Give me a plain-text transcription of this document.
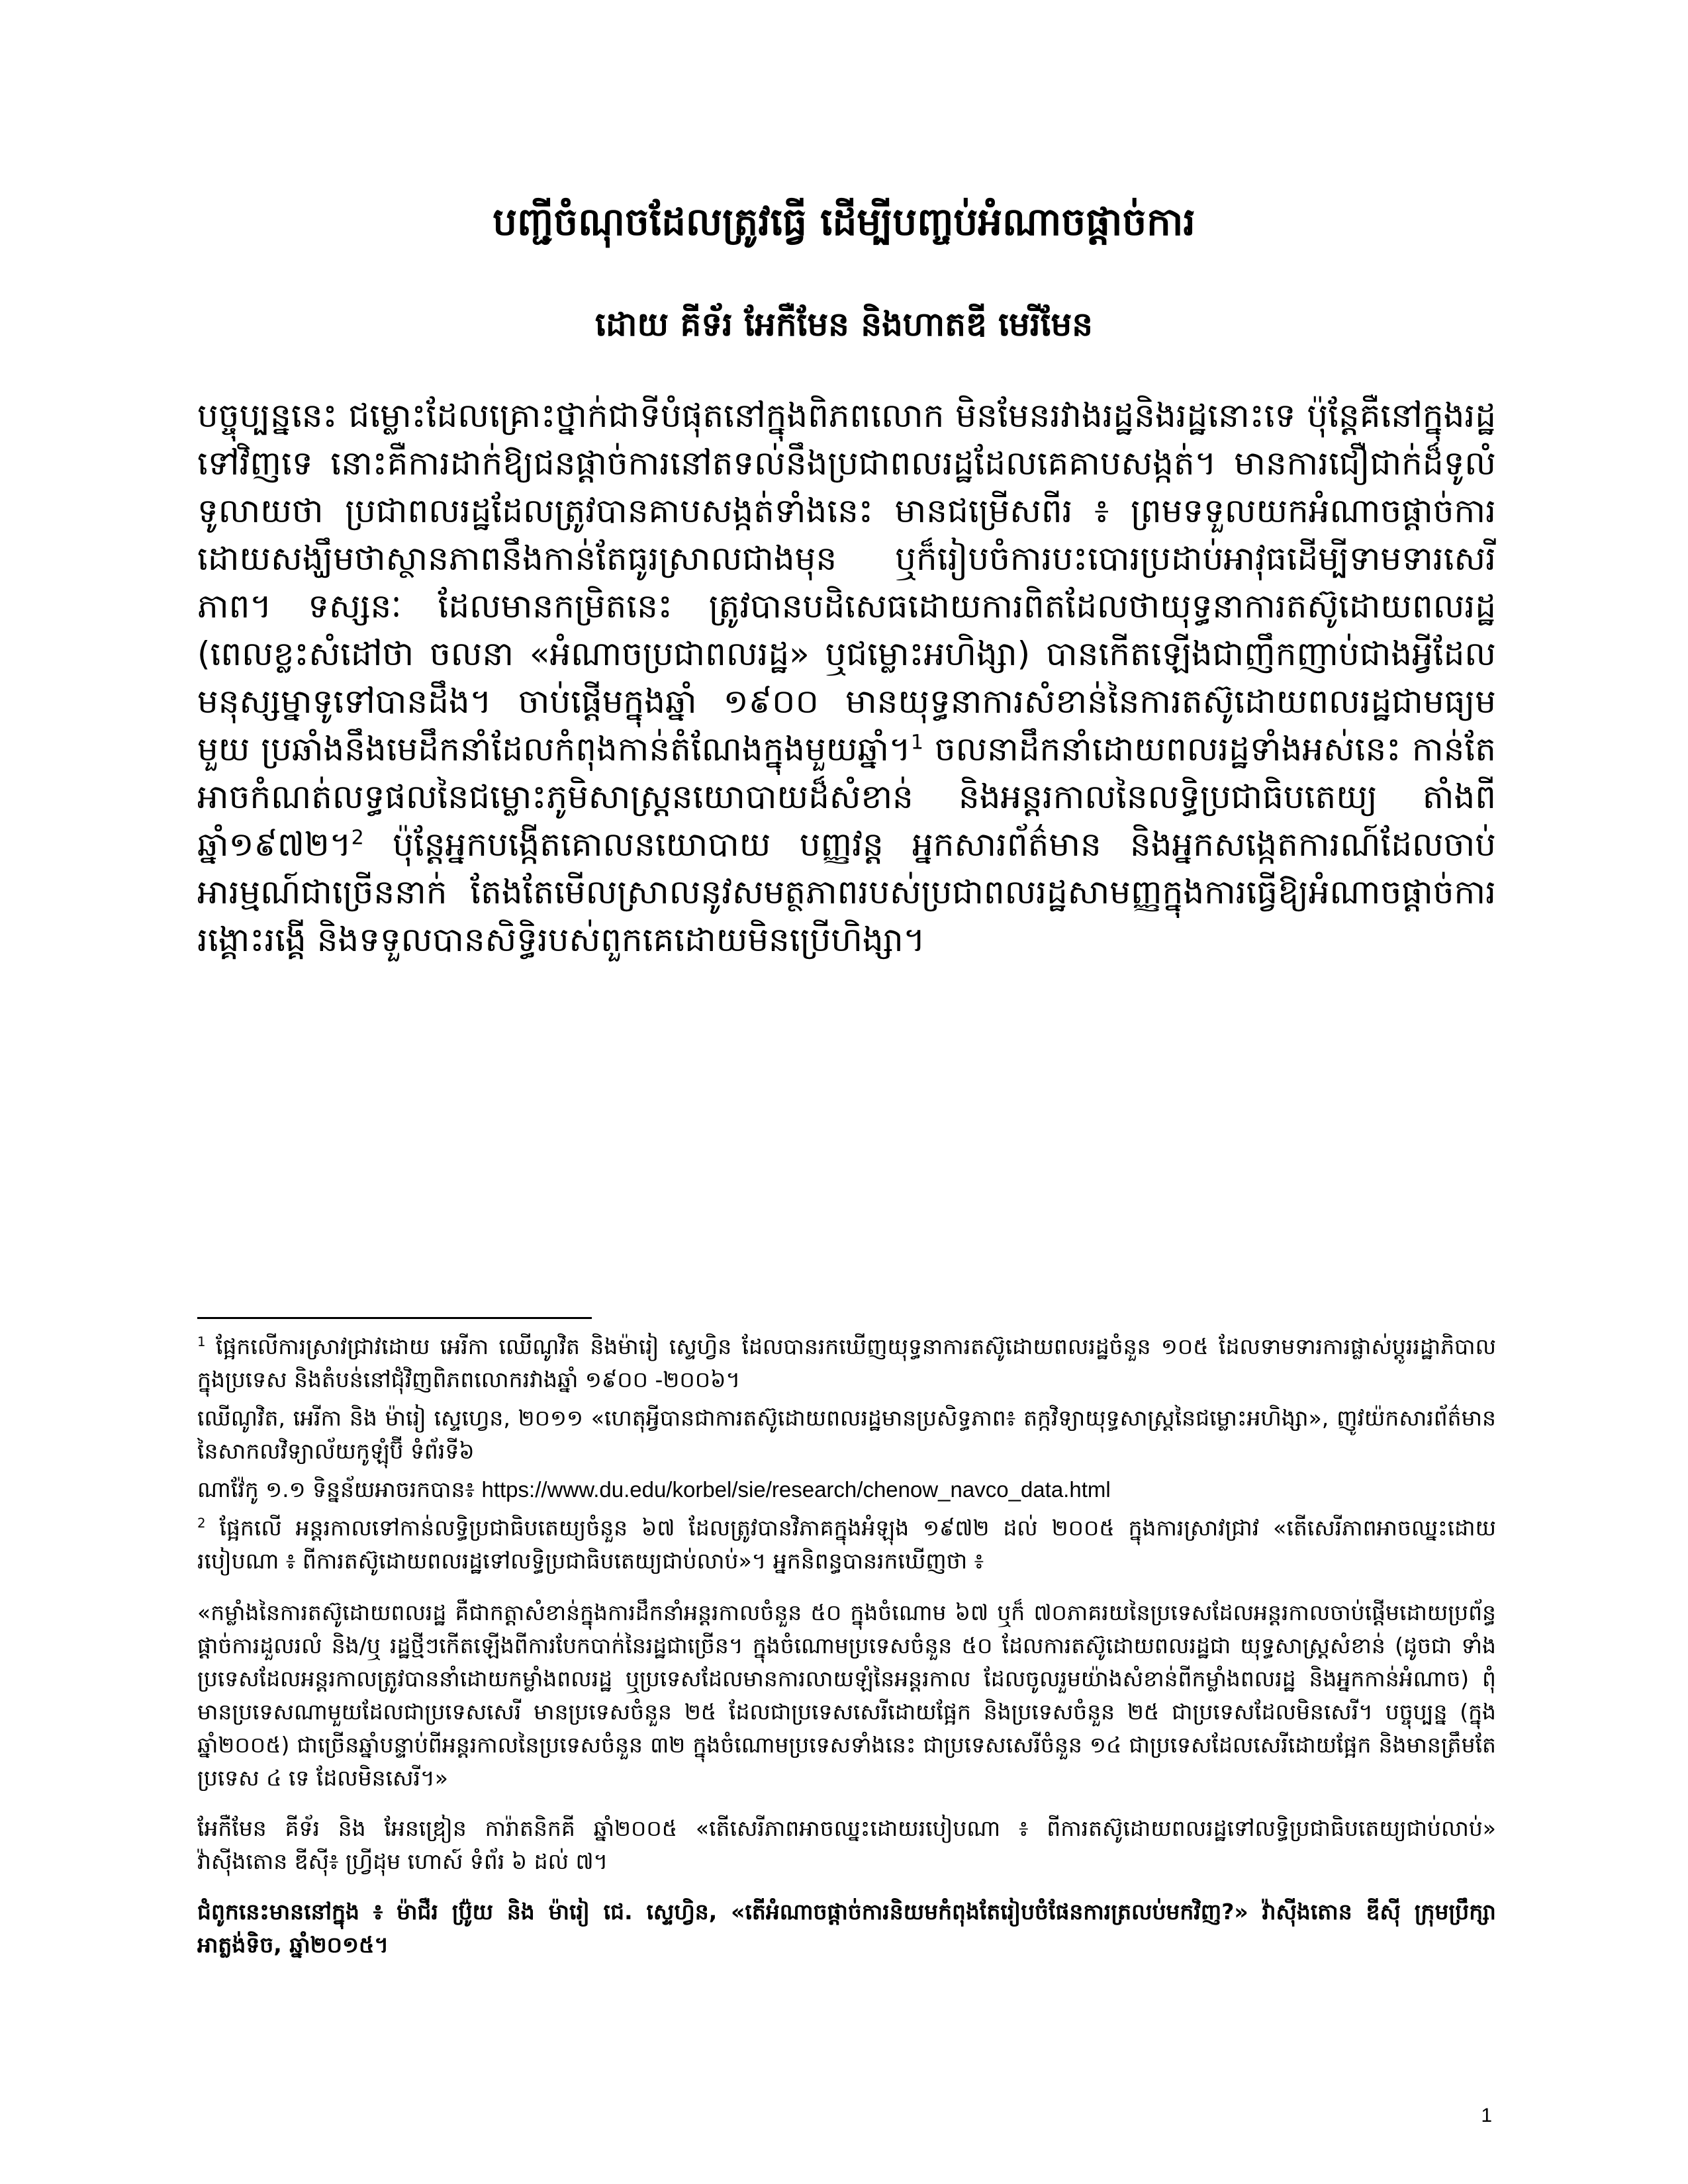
បញ្ជីចំណុចដែលត្រូវធ្វើ ដើម្បីបញ្ចប់អំណាចផ្តាច់ការ
ដោយ គីទ័រ អែកឺមែន និងហាតឌី មេរីមែន
បច្ចុប្បន្ននេះ ជម្លោះដែលគ្រោះថ្នាក់ជាទីបំផុតនៅក្នុងពិភពលោក មិនមែនរវាងរដ្ឋនិងរដ្ឋនោះទេ ប៉ុន្តែគឺនៅក្នុងរដ្ឋទៅវិញទេ នោះគឺការដាក់ឱ្យជនផ្តាច់ការនៅតទល់នឹងប្រជាពលរដ្ឋដែលគេគាបសង្កត់។ មានការជឿជាក់ដ៏ទូលំទូលាយថា ប្រជាពលរដ្ឋដែលត្រូវបានគាបសង្កត់ទាំងនេះ មានជម្រើសពីរ ៖ ព្រមទទួលយកអំណាចផ្តាច់ការដោយសង្ឃឹមថាស្ថានភាពនឹងកាន់តែធូរស្រាលជាងមុន ឬក៏រៀបចំការបះបោរប្រដាប់អាវុធដើម្បីទាមទារសេរីភាព។ ទស្សនៈ ដែលមានកម្រិតនេះ ត្រូវបានបដិសេធដោយការពិតដែលថាយុទ្ធនាការតស៊ូដោយពលរដ្ឋ (ពេលខ្លះសំដៅថា ចលនា «អំណាចប្រជាពលរដ្ឋ» ឬជម្លោះអហិង្សា) បានកើតឡើងជាញឹកញាប់ជាងអ្វីដែលមនុស្សម្នាទូទៅបានដឹង។ ចាប់ផ្តើមក្នុងឆ្នាំ ១៩០០ មានយុទ្ធនាការសំខាន់នៃការតស៊ូដោយពលរដ្ឋជាមធ្យមមួយ ប្រឆាំងនឹងមេដឹកនាំដែលកំពុងកាន់តំណែងក្នុងមួយឆ្នាំ។$^1$ ចលនាដឹកនាំដោយពលរដ្ឋទាំងអស់នេះ កាន់តែអាចកំណត់លទ្ធផលនៃជម្លោះភូមិសាស្ត្រនយោបាយដ៏សំខាន់ និងអន្តរកាលនៃលទ្ធិប្រជាធិបតេយ្យ តាំងពីឆ្នាំ១៩៧២។$^2$ ប៉ុន្តែអ្នកបង្កើតគោលនយោបាយ បញ្ញវន្ត អ្នកសារព័ត៌មាន និងអ្នកសង្កេតការណ៍ដែលចាប់អារម្មណ៍ជាច្រើននាក់ តែងតែមើលស្រាលនូវសមត្ថភាពរបស់ប្រជាពលរដ្ឋសាមញ្ញក្នុងការធ្វើឱ្យអំណាចផ្តាច់ការរង្គោះរង្គើ និងទទួលបានសិទ្ធិរបស់ពួកគេដោយមិនប្រើហិង្សា។
$^1$ ផ្អែកលើការស្រាវជ្រាវដោយ អេរីកា ឈើណូវិត និងម៉ារៀ ស្ទេហ្វិន ដែលបានរកឃើញយុទ្ធនាការតស៊ូដោយពលរដ្ឋចំនួន ១០៥ ដែលទាមទារការផ្លាស់ប្តូររដ្ឋាភិបាលក្នុងប្រទេស និងតំបន់នៅជុំវិញពិភពលោករវាងឆ្នាំ ១៩០០ -២០០៦។
ឈើណូវិត, អេរីកា និង ម៉ារៀ ស្ទេហ្វេន, ២០១១ «ហេតុអ្វីបានជាការតស៊ូដោយពលរដ្ឋមានប្រសិទ្ធភាព៖ តក្កវិទ្យាយុទ្ធសាស្ត្រនៃជម្លោះអហិង្សា», ញូវយ៉កសារព័ត៌មាននៃសាកលវិទ្យាល័យកូឡុំប៊ី ទំព័រទី៦
ណាវ៉ែកូ ១.១ ទិន្នន័យអាចរកបាន៖ https://www.du.edu/korbel/sie/research/chenow_navco_data.html
$^2$ ផ្អែកលើ អន្តរកាលទៅកាន់លទ្ធិប្រជាធិបតេយ្យចំនួន ៦៧ ដែលត្រូវបានវិភាគក្នុងអំឡុង ១៩៧២ ដល់ ២០០៥ ក្នុងការស្រាវជ្រាវ «តើសេរីភាពអាចឈ្នះដោយរបៀបណា ៖ ពីការតស៊ូដោយពលរដ្ឋទៅលទ្ធិប្រជាធិបតេយ្យជាប់លាប់»។ អ្នកនិពន្ធបានរកឃើញថា ៖
«កម្លាំងនៃការតស៊ូដោយពលរដ្ឋ គឺជាកត្តាសំខាន់ក្នុងការដឹកនាំអន្តរកាលចំនួន ៥០ ក្នុងចំណោម ៦៧ ឬក៏ ៧០ភាគរយនៃប្រទេសដែលអន្តរកាលចាប់ផ្តើមដោយប្រព័ន្ធផ្តាច់ការដួលរលំ និង/ឬ រដ្ឋថ្មីៗកើតឡើងពីការបែកបាក់នៃរដ្ឋជាច្រើន។ ក្នុងចំណោមប្រទេសចំនួន ៥០ ដែលការតស៊ូដោយពលរដ្ឋជា យុទ្ធសាស្ត្រសំខាន់ (ដូចជា ទាំងប្រទេសដែលអន្តរកាលត្រូវបាននាំដោយកម្លាំងពលរដ្ឋ ឬប្រទេសដែលមានការលាយឡំនៃអន្តរកាល ដែលចូលរួមយ៉ាងសំខាន់ពីកម្លាំងពលរដ្ឋ និងអ្នកកាន់អំណាច) ពុំមានប្រទេសណាមួយដែលជាប្រទេសសេរី មានប្រទេសចំនួន ២៥ ដែលជាប្រទេសសេរីដោយផ្អែក និងប្រទេសចំនួន ២៥ ជាប្រទេសដែលមិនសេរី។ បច្ចុប្បន្ន (ក្នុងឆ្នាំ២០០៥) ជាច្រើនឆ្នាំបន្ទាប់ពីអន្តរកាលនៃប្រទេសចំនួន ៣២ ក្នុងចំណោមប្រទេសទាំងនេះ ជាប្រទេសសេរីចំនួន ១៤ ជាប្រទេសដែលសេរីដោយផ្អែក និងមានត្រឹមតែប្រទេស ៤ ទេ ដែលមិនសេរី។»
អែកឺមែន គីទ័រ និង អែនឌ្រៀន ការ៉ាតនិកគី ឆ្នាំ២០០៥ «តើសេរីភាពអាចឈ្នះដោយរបៀបណា ៖ ពីការតស៊ូដោយពលរដ្ឋទៅលទ្ធិប្រជាធិបតេយ្យជាប់លាប់» វ៉ាស៊ីងតោន ឌីស៊ី៖ ហ្វ្រីដុម ហោស៍ ទំព័រ ៦ ដល់ ៧។
ជំពូកនេះមាននៅក្នុង ៖ ម៉ាជឺរ ប៊្រ៉ូយ និង ម៉ារៀ ជេ. ស្ទេហ្វិន, «តើអំណាចផ្តាច់ការនិយមកំពុងតែរៀបចំផែនការត្រលប់មកវិញ?» វ៉ាស៊ីងតោន ឌីស៊ី ក្រុមប្រឹក្សាអាត្លង់ទិច, ឆ្នាំ២០១៥។
1
